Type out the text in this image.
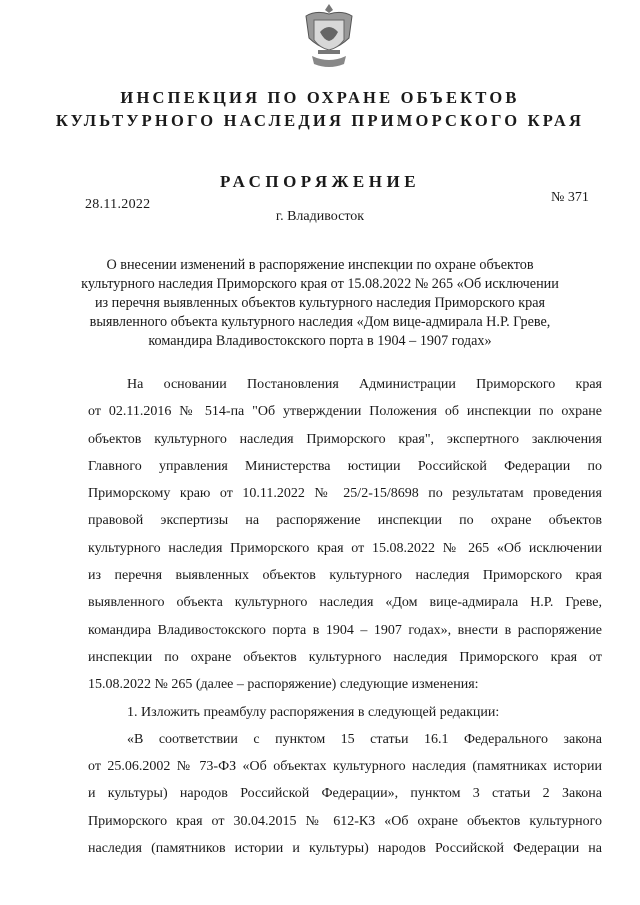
ИНСПЕКЦИЯ ПО ОХРАНЕ ОБЪЕКТОВ
КУЛЬТУРНОГО НАСЛЕДИЯ ПРИМОРСКОГО КРАЯ
РАСПОРЯЖЕНИЕ
28.11.2022	№ 371
г. Владивосток
О внесении изменений в распоряжение инспекции по охране объектов
культурного наследия Приморского края от 15.08.2022 № 265 «Об исключении
из перечня выявленных объектов культурного наследия Приморского края
выявленного объекта культурного наследия «Дом вице-адмирала Н.Р. Греве,
командира Владивостокского порта в 1904 – 1907 годах»
На основании Постановления Администрации Приморского края
от 02.11.2016 № 514-па "Об утверждении Положения об инспекции по охране
объектов культурного наследия Приморского края", экспертного заключения
Главного управления Министерства юстиции Российской Федерации по
Приморскому краю от 10.11.2022 № 25/2-15/8698 по результатам проведения
правовой экспертизы на распоряжение инспекции по охране объектов
культурного наследия Приморского края от 15.08.2022 № 265 «Об исключении
из перечня выявленных объектов культурного наследия Приморского края
выявленного объекта культурного наследия «Дом вице-адмирала Н.Р. Греве,
командира Владивостокского порта в 1904 – 1907 годах», внести в распоряжение
инспекции по охране объектов культурного наследия Приморского края от
15.08.2022 № 265 (далее – распоряжение) следующие изменения:
1. Изложить преамбулу распоряжения в следующей редакции:
«В соответствии с пунктом 15 статьи 16.1 Федерального закона
от 25.06.2002 № 73-ФЗ «Об объектах культурного наследия (памятниках истории
и культуры) народов Российской Федерации», пунктом 3 статьи 2 Закона
Приморского края от 30.04.2015 № 612-КЗ «Об охране объектов культурного
наследия (памятников истории и культуры) народов Российской Федерации на
